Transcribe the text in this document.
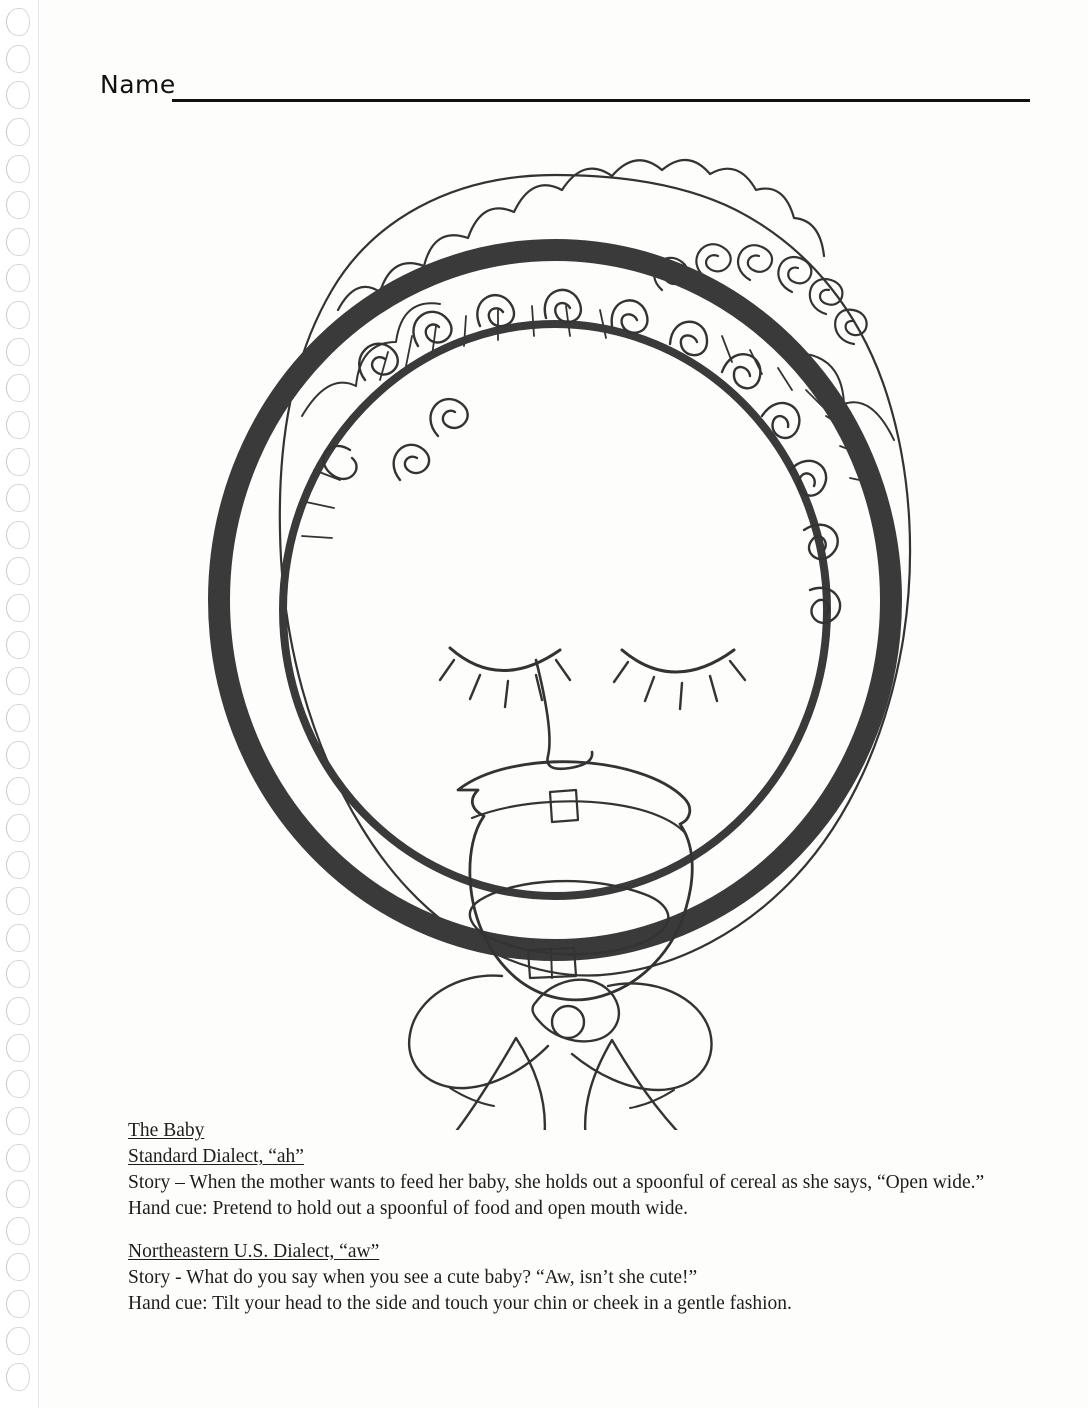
Name

The Baby

Standard Dialect, “ah”

Story – When the mother wants to feed her baby, she holds out a spoonful of cereal as she says, “Open wide.”

Hand cue: Pretend to hold out a spoonful of food and open mouth wide.

Northeastern U.S. Dialect, “aw”

Story - What do you say when you see a cute baby? “Aw, isn’t she cute!”

Hand cue: Tilt your head to the side and touch your chin or cheek in a gentle fashion.
